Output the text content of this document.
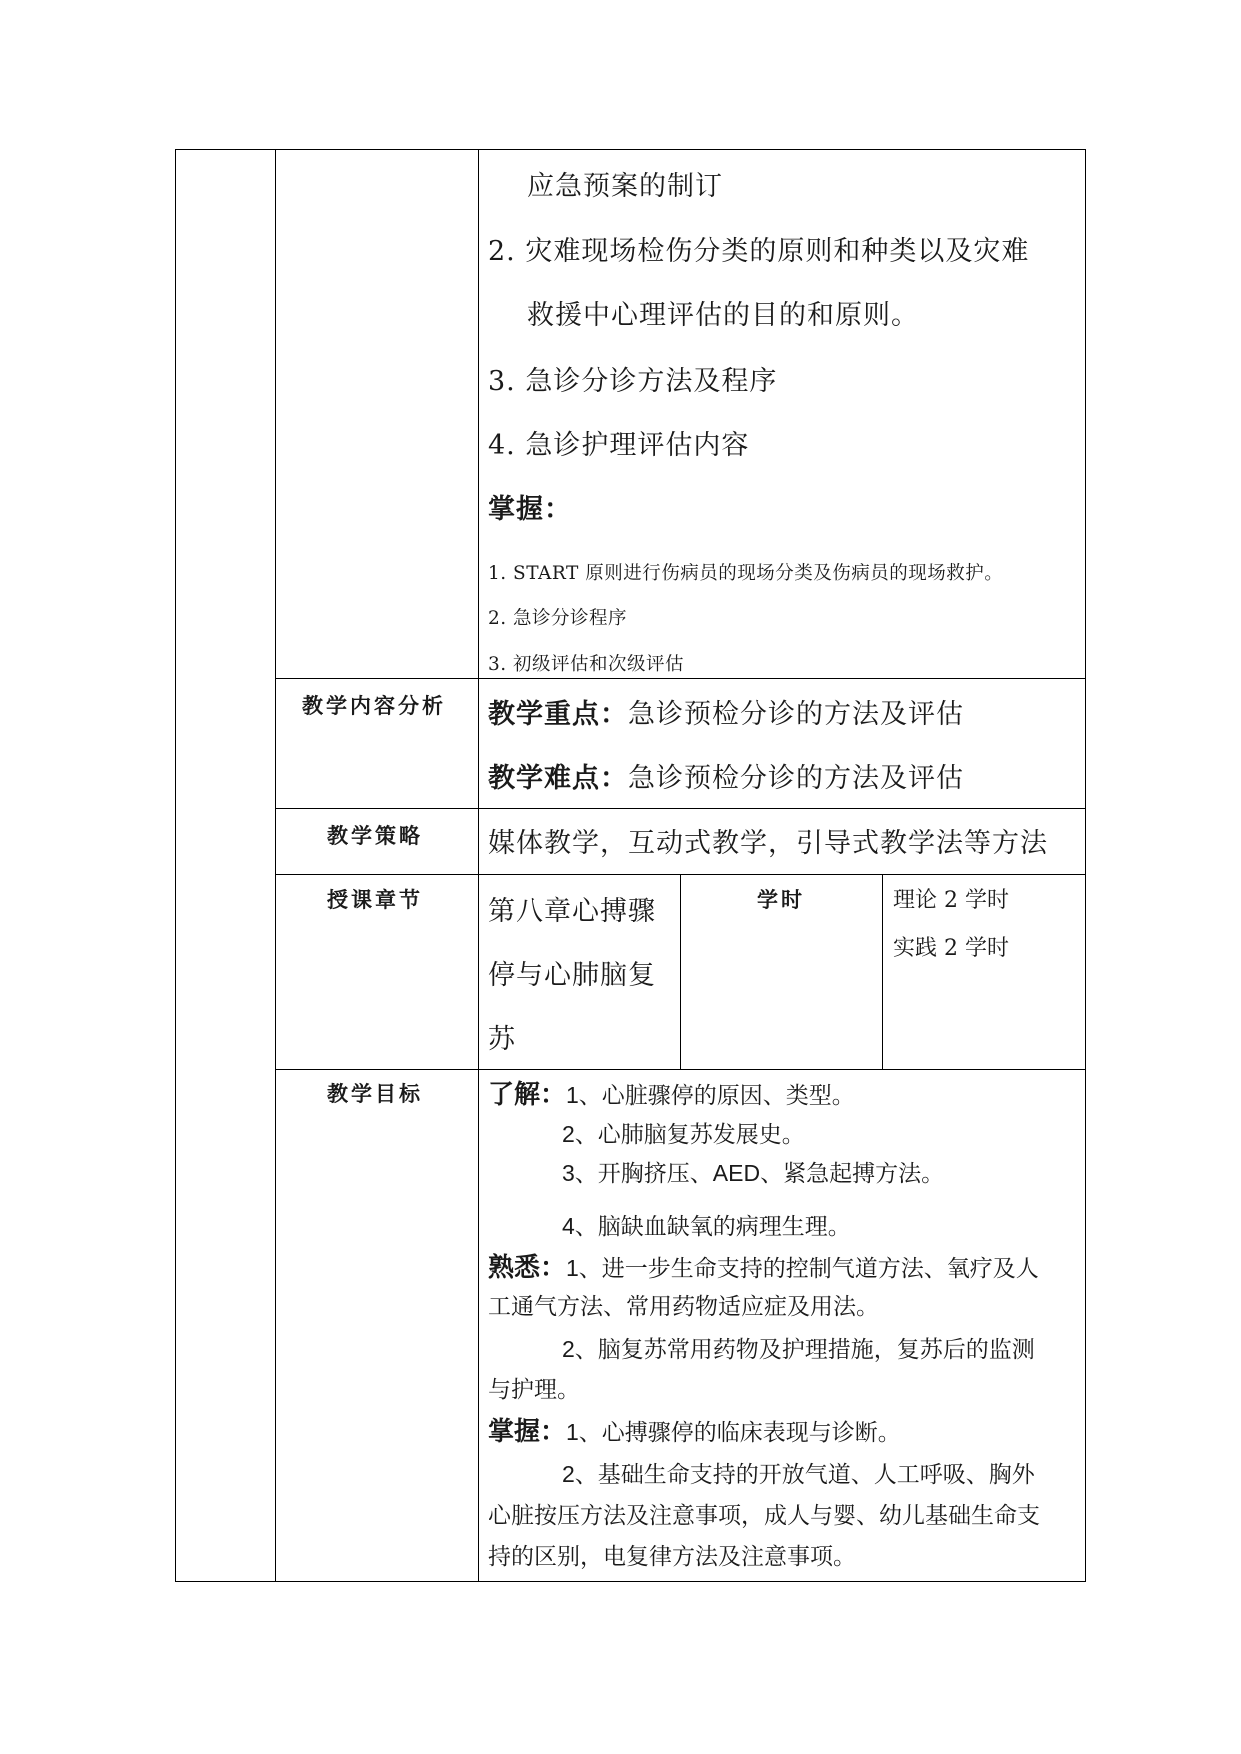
应急预案的制订
2. 灾难现场检伤分类的原则和种类以及灾难
救援中心理评估的目的和原则。
3. 急诊分诊方法及程序
4. 急诊护理评估内容
掌握：
1. START 原则进行伤病员的现场分类及伤病员的现场救护。
2. 急诊分诊程序
3. 初级评估和次级评估
教学内容分析 教学重点：急诊预检分诊的方法及评估
教学难点：急诊预检分诊的方法及评估
教学策略 媒体教学，互动式教学，引导式教学法等方法
授课章节 第八章心搏骤
停与心肺脑复
苏
学时	理论 2 学时
实践 2 学时
教学目标	了解：1、心脏骤停的原因、类型。
2、心肺脑复苏发展史。
3、开胸挤压、AED、紧急起搏方法。
4、脑缺血缺氧的病理生理。
熟悉：1、进一步生命支持的控制气道方法、氧疗及人
工通气方法、常用药物适应症及用法。
2、脑复苏常用药物及护理措施，复苏后的监测
与护理。
掌握：1、心搏骤停的临床表现与诊断。
2、基础生命支持的开放气道、人工呼吸、胸外
心脏按压方法及注意事项，成人与婴、幼儿基础生命支
持的区别，电复律方法及注意事项。
